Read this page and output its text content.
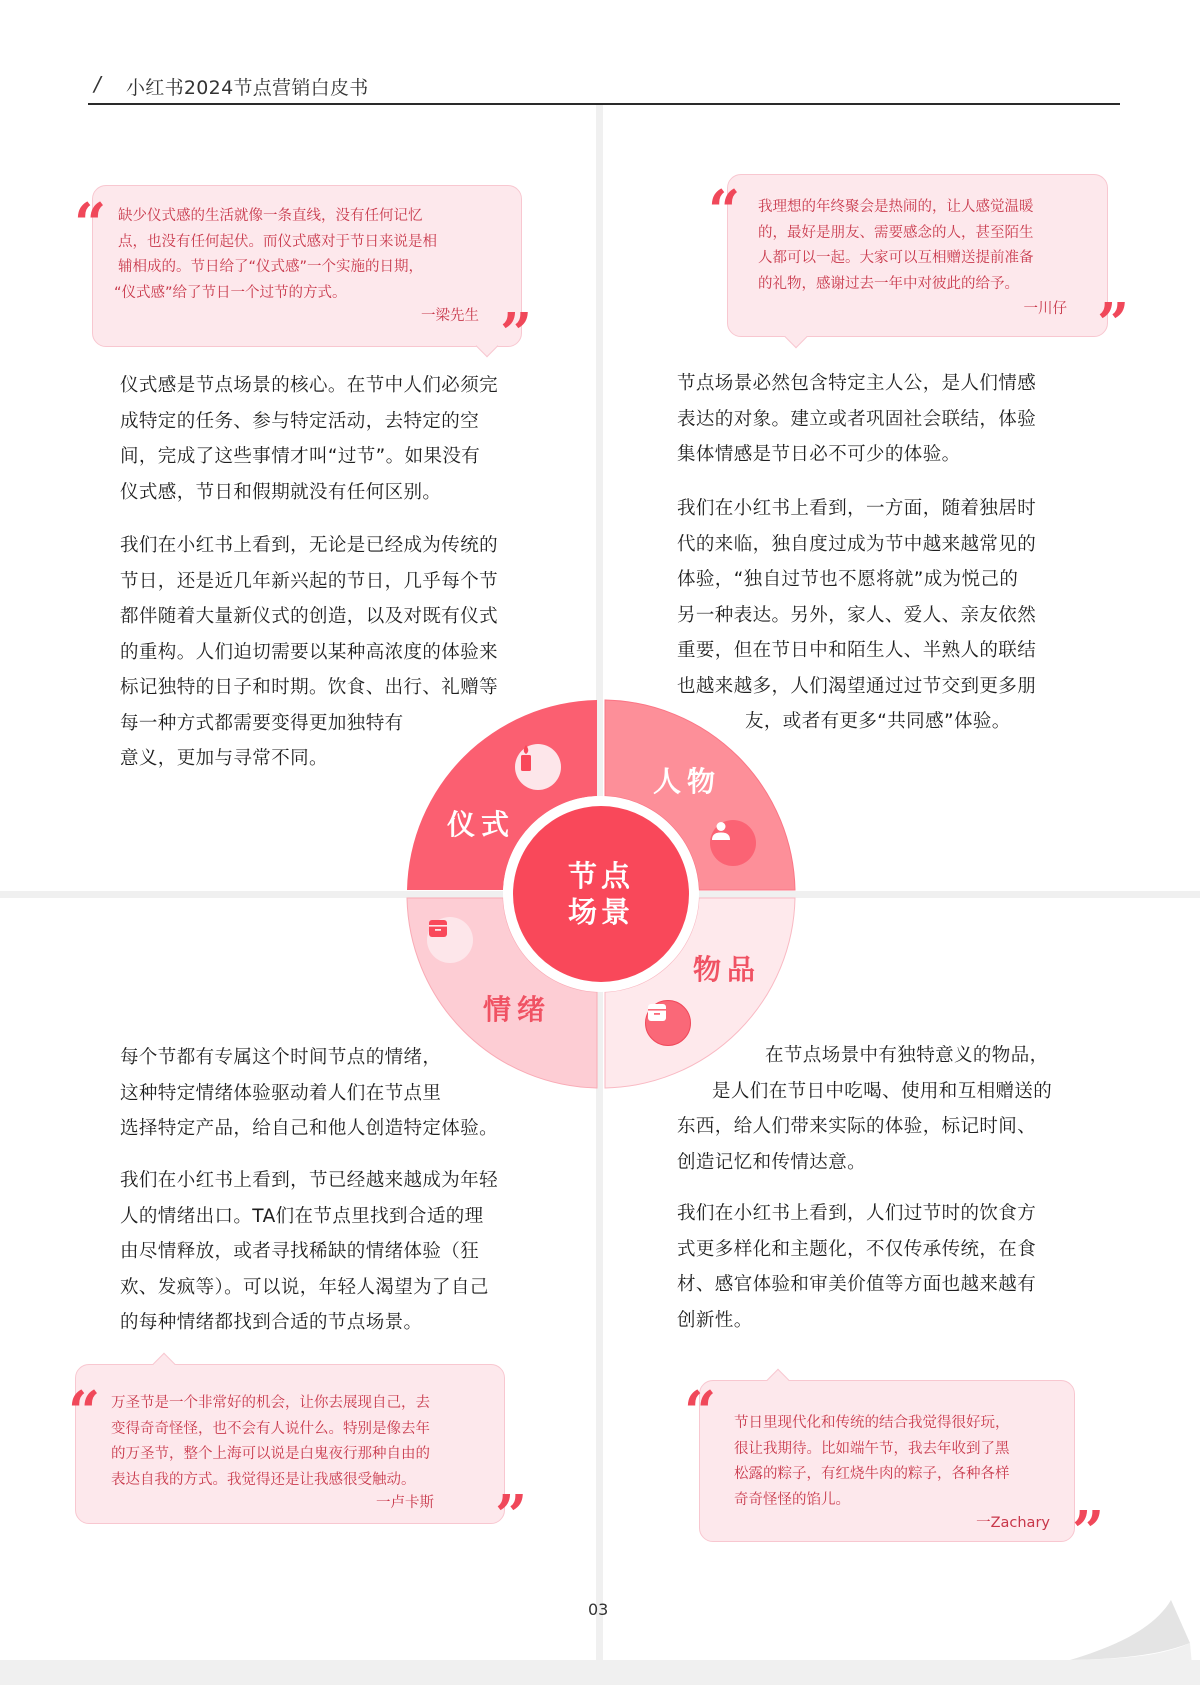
/ 小红书2024节点营销白皮书
缺少仪式感的生活就像一条直线，没有任何记忆
点，也没有任何起伏。而仪式感对于节日来说是相
辅相成的。节日给了“仪式感”一个实施的日期，
“仪式感”给了节日一个过节的方式。
一梁先生
“
”
我理想的年终聚会是热闹的，让人感觉温暖
的，最好是朋友、需要感念的人，甚至陌生
人都可以一起。大家可以互相赠送提前准备
的礼物，感谢过去一年中对彼此的给予。
一川仔
“
”

仪式感是节点场景的核心。在节中人们必须完

成特定的任务、参与特定活动，去特定的空

间，完成了这些事情才叫“过节”。如果没有

仪式感，节日和假期就没有任何区别。

我们在小红书上看到，无论是已经成为传统的

节日，还是近几年新兴起的节日，几乎每个节

都伴随着大量新仪式的创造，以及对既有仪式

的重构。人们迫切需要以某种高浓度的体验来

标记独特的日子和时期。饮食、出行、礼赠等

每一种方式都需要变得更加独特有

意义，更加与寻常不同。

节点场景必然包含特定主人公，是人们情感

表达的对象。建立或者巩固社会联结，体验

集体情感是节日必不可少的体验。

我们在小红书上看到，一方面，随着独居时

代的来临，独自度过成为节中越来越常见的

体验，“独自过节也不愿将就”成为悦己的

另一种表达。另外，家人、爱人、亲友依然

重要，但在节日中和陌生人、半熟人的联结

也越来越多，人们渴望通过过节交到更多朋

友，或者有更多“共同感”体验。

仪式
人物
情绪
物品
节点
场景

每个节都有专属这个时间节点的情绪，

这种特定情绪体验驱动着人们在节点里

选择特定产品，给自己和他人创造特定体验。

我们在小红书上看到，节已经越来越成为年轻

人的情绪出口。TA们在节点里找到合适的理

由尽情释放，或者寻找稀缺的情绪体验（狂

欢、发疯等）。可以说，年轻人渴望为了自己

的每种情绪都找到合适的节点场景。

在节点场景中有独特意义的物品，

是人们在节日中吃喝、使用和互相赠送的

东西，给人们带来实际的体验，标记时间、

创造记忆和传情达意。

我们在小红书上看到，人们过节时的饮食方

式更多样化和主题化，不仅传承传统，在食

材、感官体验和审美价值等方面也越来越有

创新性。

万圣节是一个非常好的机会，让你去展现自己，去
变得奇奇怪怪，也不会有人说什么。特别是像去年
的万圣节，整个上海可以说是白鬼夜行那种自由的
表达自我的方式。我觉得还是让我感很受触动。
一卢卡斯
“
”
节日里现代化和传统的结合我觉得很好玩，
很让我期待。比如端午节，我去年收到了黑
松露的粽子，有红烧牛肉的粽子，各种各样
奇奇怪怪的馅儿。
一Zachary
“
”
03
